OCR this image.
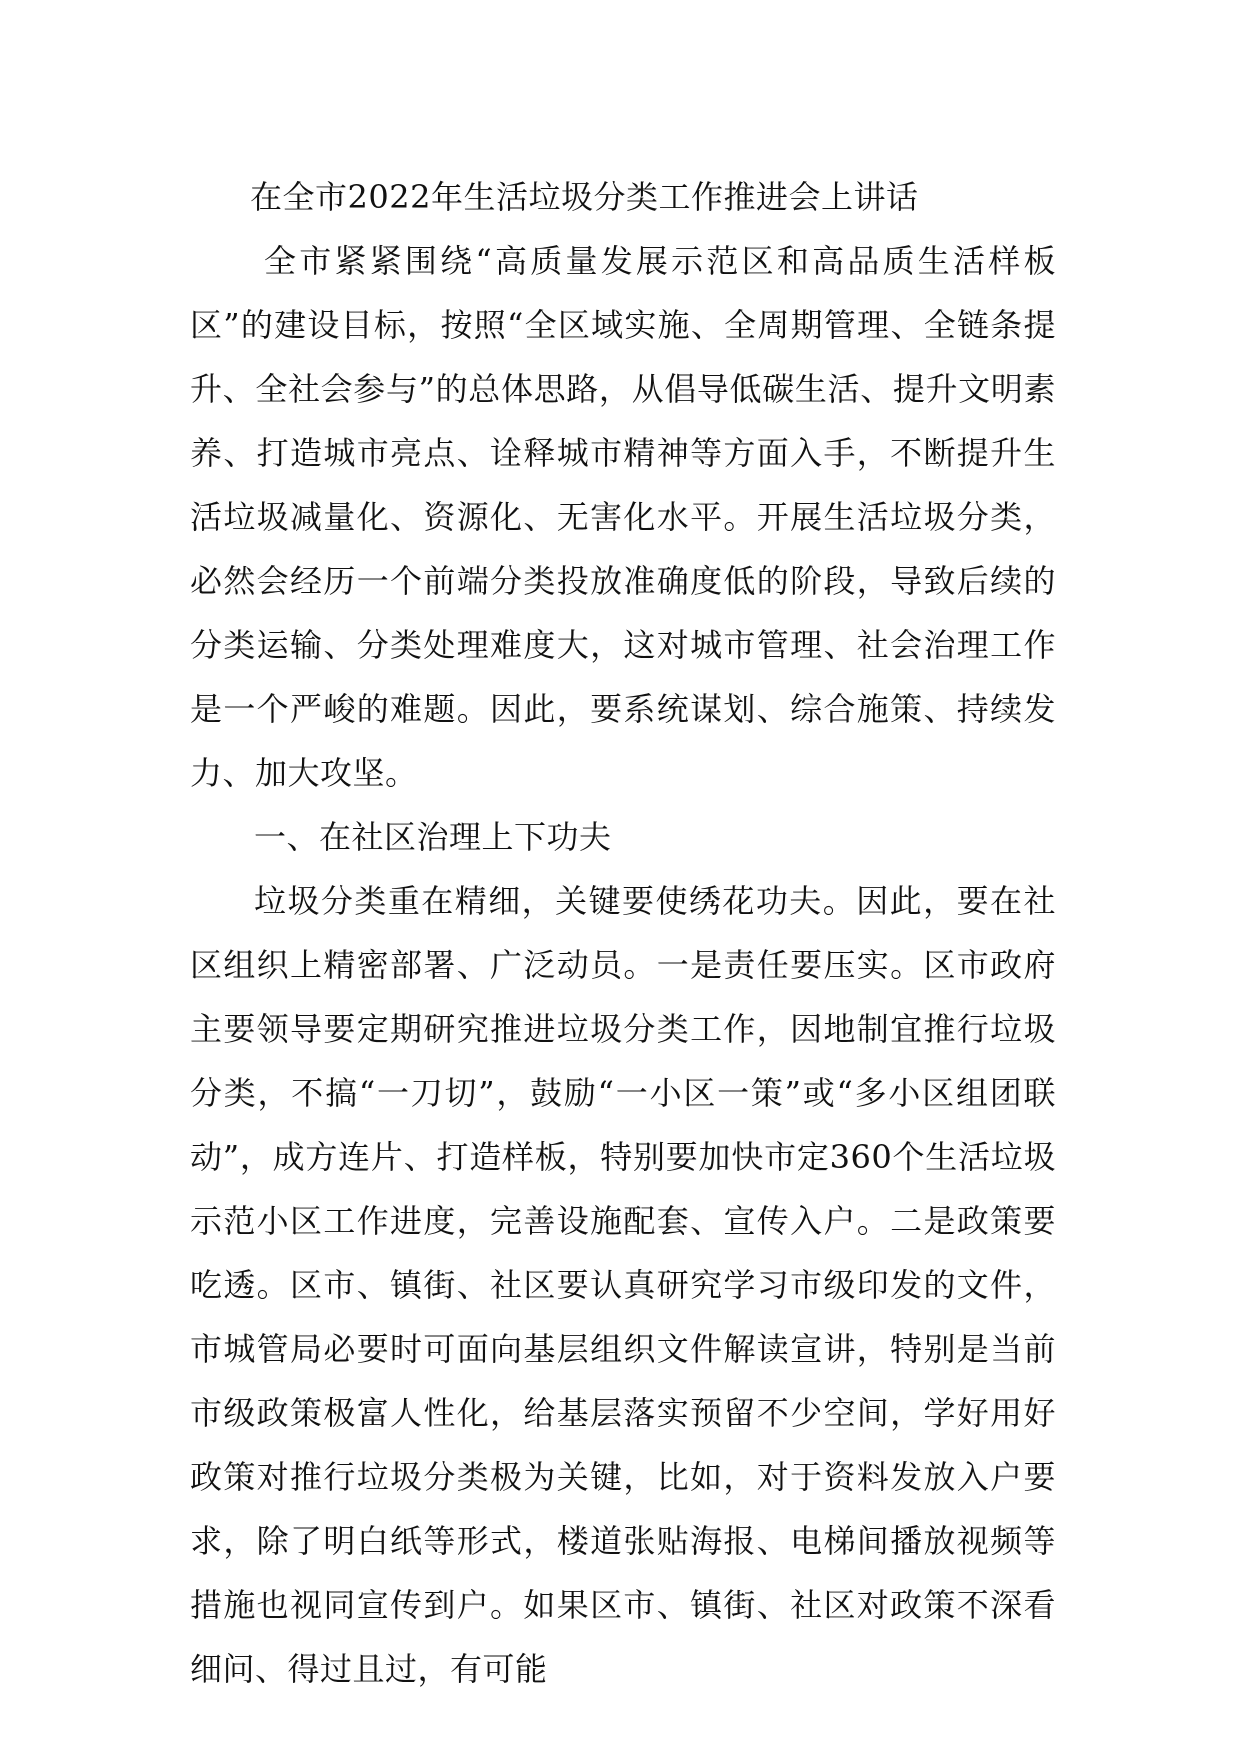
在全市2022年生活垃圾分类工作推进会上讲话

全市紧紧围绕“高质量发展示范区和高品质生活样板区”的建设目标，按照“全区域实施、全周期管理、全链条提升、全社会参与”的总体思路，从倡导低碳生活、提升文明素养、打造城市亮点、诠释城市精神等方面入手，不断提升生活垃圾减量化、资源化、无害化水平。开展生活垃圾分类，必然会经历一个前端分类投放准确度低的阶段，导致后续的分类运输、分类处理难度大，这对城市管理、社会治理工作是一个严峻的难题。因此，要系统谋划、综合施策、持续发力、加大攻坚。

一、在社区治理上下功夫

垃圾分类重在精细，关键要使绣花功夫。因此，要在社区组织上精密部署、广泛动员。一是责任要压实。区市政府主要领导要定期研究推进垃圾分类工作，因地制宜推行垃圾分类，不搞“一刀切”，鼓励“一小区一策”或“多小区组团联动”，成方连片、打造样板，特别要加快市定360个生活垃圾示范小区工作进度，完善设施配套、宣传入户。二是政策要吃透。区市、镇街、社区要认真研究学习市级印发的文件，市城管局必要时可面向基层组织文件解读宣讲，特别是当前市级政策极富人性化，给基层落实预留不少空间，学好用好政策对推行垃圾分类极为关键，比如，对于资料发放入户要求，除了明白纸等形式，楼道张贴海报、电梯间播放视频等措施也视同宣传到户。如果区市、镇街、社区对政策不深看细问、得过且过，有可能
